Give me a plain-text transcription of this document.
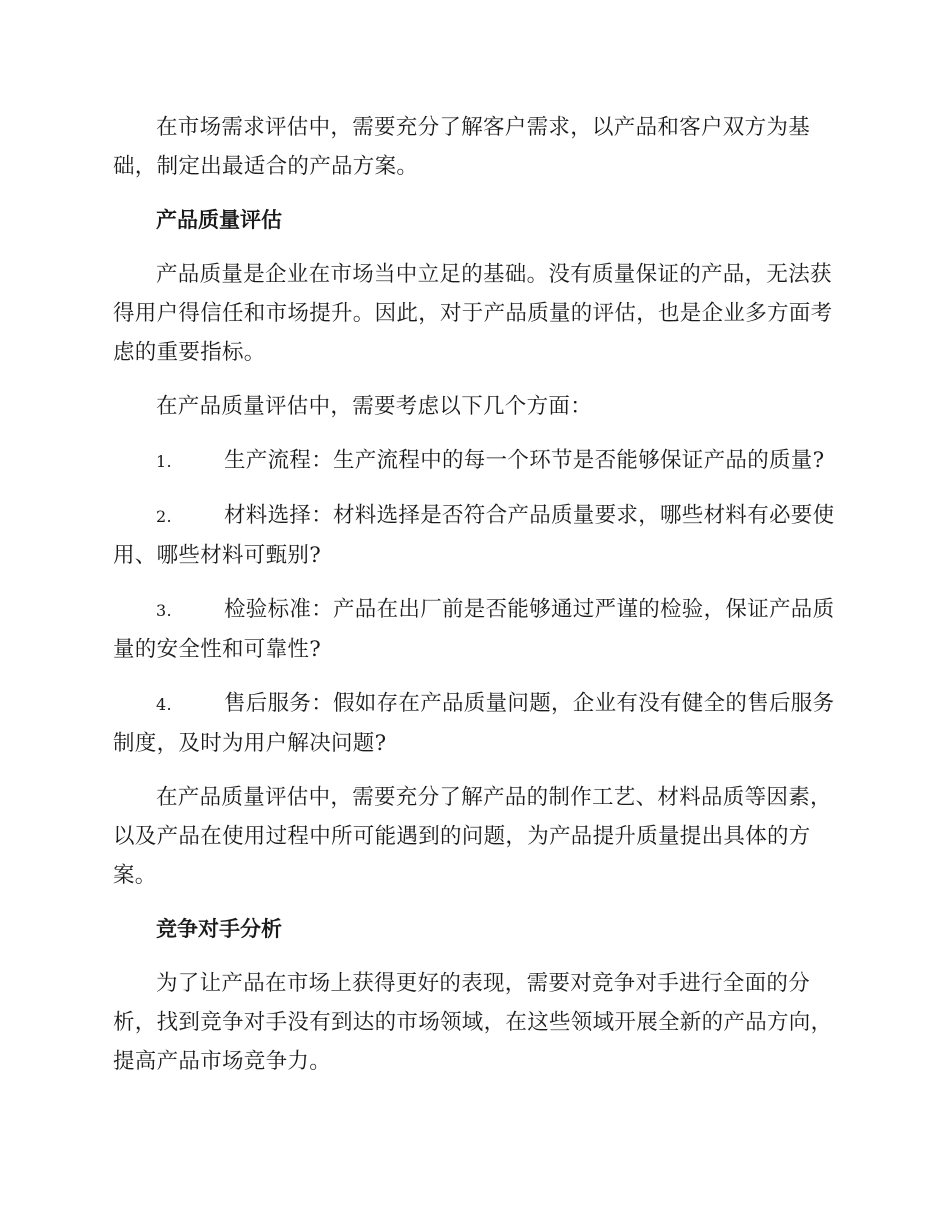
在市场需求评估中，需要充分了解客户需求，以产品和客户双方为基础，制定出最适合的产品方案。

产品质量评估

产品质量是企业在市场当中立足的基础。没有质量保证的产品，无法获得用户得信任和市场提升。因此，对于产品质量的评估，也是企业多方面考虑的重要指标。

在产品质量评估中，需要考虑以下几个方面：

1. 生产流程：生产流程中的每一个环节是否能够保证产品的质量?

2. 材料选择：材料选择是否符合产品质量要求，哪些材料有必要使用、哪些材料可甄别?

3. 检验标准：产品在出厂前是否能够通过严谨的检验，保证产品质量的安全性和可靠性?

4. 售后服务：假如存在产品质量问题，企业有没有健全的售后服务制度，及时为用户解决问题?

在产品质量评估中，需要充分了解产品的制作工艺、材料品质等因素，以及产品在使用过程中所可能遇到的问题，为产品提升质量提出具体的方案。

竞争对手分析

为了让产品在市场上获得更好的表现，需要对竞争对手进行全面的分析，找到竞争对手没有到达的市场领域，在这些领域开展全新的产品方向，提高产品市场竞争力。
